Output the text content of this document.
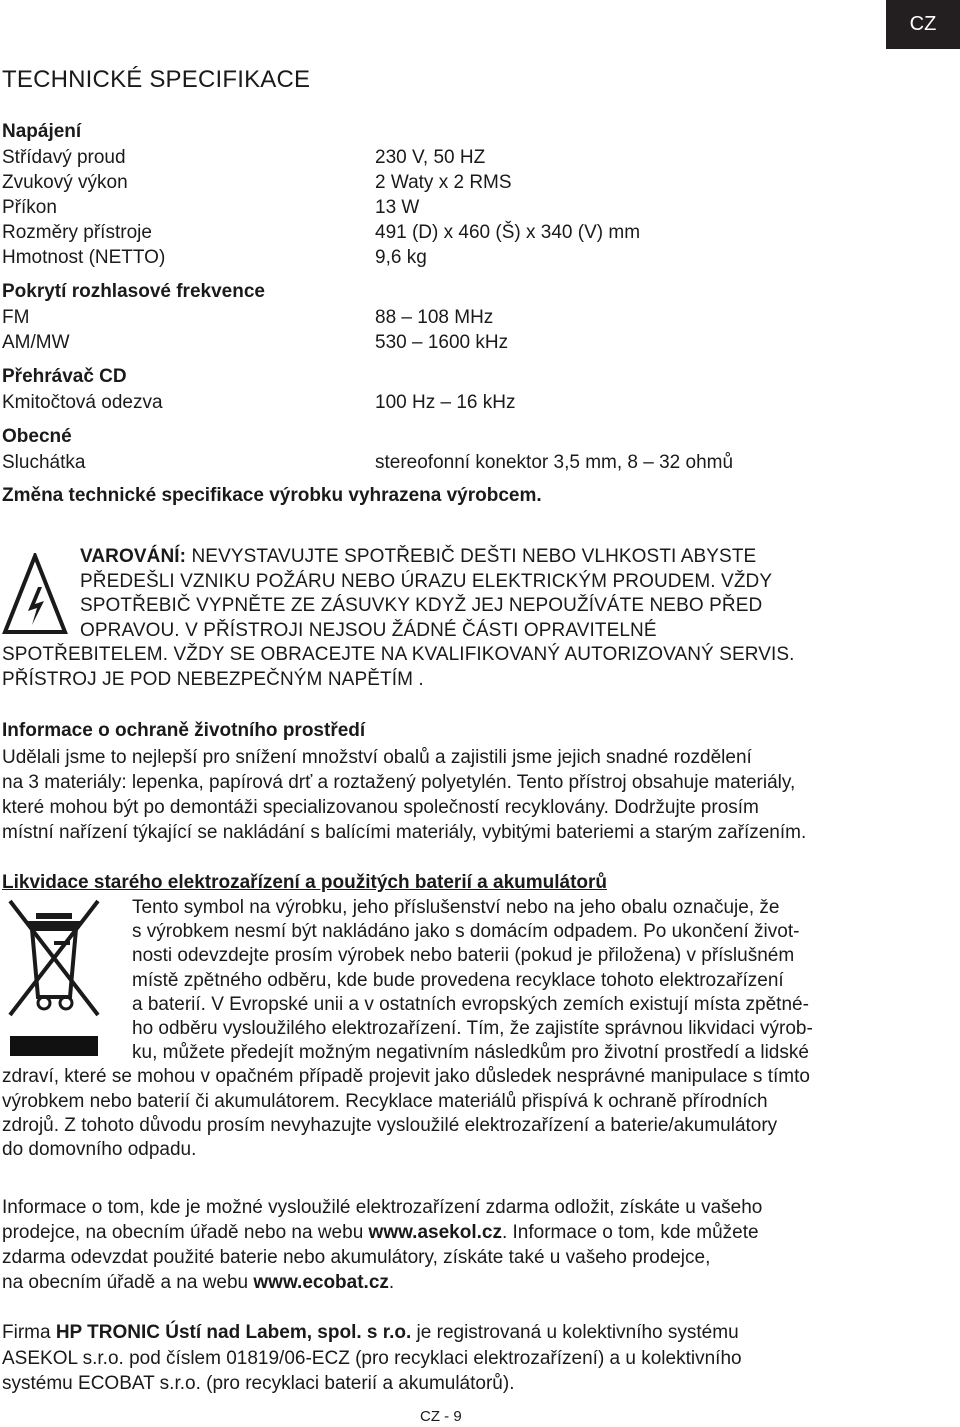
CZ
TECHNICKÉ SPECIFIKACE
Napájení
Střídavý proud	230 V, 50 HZ
Zvukový výkon	2 Waty x 2 RMS
Příkon	13 W
Rozměry přístroje	491 (D) x 460 (Š) x 340 (V) mm
Hmotnost (NETTO)	9,6 kg
Pokrytí rozhlasové frekvence
FM	88 – 108 MHz
AM/MW	530 – 1600 kHz
Přehrávač CD
Kmitočtová odezva	100 Hz – 16 kHz
Obecné
Sluchátka	stereofonní konektor 3,5 mm, 8 – 32 ohmů
Změna technické specifikace výrobku vyhrazena výrobcem.
VAROVÁNÍ: NEVYSTAVUJTE SPOTŘEBIČ DEŠTI NEBO VLHKOSTI ABYSTE
PŘEDEŠLI VZNIKU POŽÁRU NEBO ÚRAZU ELEKTRICKÝM PROUDEM. VŽDY
SPOTŘEBIČ VYPNĚTE ZE ZÁSUVKY KDYŽ JEJ NEPOUŽÍVÁTE NEBO PŘED
OPRAVOU. V PŘÍSTROJI NEJSOU ŽÁDNÉ ČÁSTI OPRAVITELNÉ
SPOTŘEBITELEM. VŽDY SE OBRACEJTE NA KVALIFIKOVANÝ AUTORIZOVANÝ SERVIS.
PŘÍSTROJ JE POD NEBEZPEČNÝM NAPĚTÍM .
Informace o ochraně životního prostředí
Udělali jsme to nejlepší pro snížení množství obalů a zajistili jsme jejich snadné rozdělení
na 3 materiály: lepenka, papírová drť a roztažený polyetylén. Tento přístroj obsahuje materiály,
které mohou být po demontáži specializovanou společností recyklovány. Dodržujte prosím
místní nařízení týkající se nakládání s balícími materiály, vybitými bateriemi a starým zařízením.
Likvidace starého elektrozařízení a použitých baterií a akumulátorů
Tento symbol na výrobku, jeho příslušenství nebo na jeho obalu označuje, že
s výrobkem nesmí být nakládáno jako s domácím odpadem. Po ukončení život-
nosti odevzdejte prosím výrobek nebo baterii (pokud je přiložena) v příslušném
místě zpětného odběru, kde bude provedena recyklace tohoto elektrozařízení
a baterií. V Evropské unii a v ostatních evropských zemích existují místa zpětné-
ho odběru vysloužilého elektrozařízení. Tím, že zajistíte správnou likvidaci výrob-
ku, můžete předejít možným negativním následkům pro životní prostředí a lidské
zdraví, které se mohou v opačném případě projevit jako důsledek nesprávné manipulace s tímto
výrobkem nebo baterií či akumulátorem. Recyklace materiálů přispívá k ochraně přírodních
zdrojů. Z tohoto důvodu prosím nevyhazujte vysloužilé elektrozařízení a baterie/akumulátory
do domovního odpadu.
Informace o tom, kde je možné vysloužilé elektrozařízení zdarma odložit, získáte u vašeho
prodejce, na obecním úřadě nebo na webu www.asekol.cz. Informace o tom, kde můžete
zdarma odevzdat použité baterie nebo akumulátory, získáte také u vašeho prodejce,
na obecním úřadě a na webu www.ecobat.cz.
Firma HP TRONIC Ústí nad Labem, spol. s r.o. je registrovaná u kolektivního systému
ASEKOL s.r.o. pod číslem 01819/06-ECZ (pro recyklaci elektrozařízení) a u kolektivního
systému ECOBAT s.r.o. (pro recyklaci baterií a akumulátorů).
CZ - 9
